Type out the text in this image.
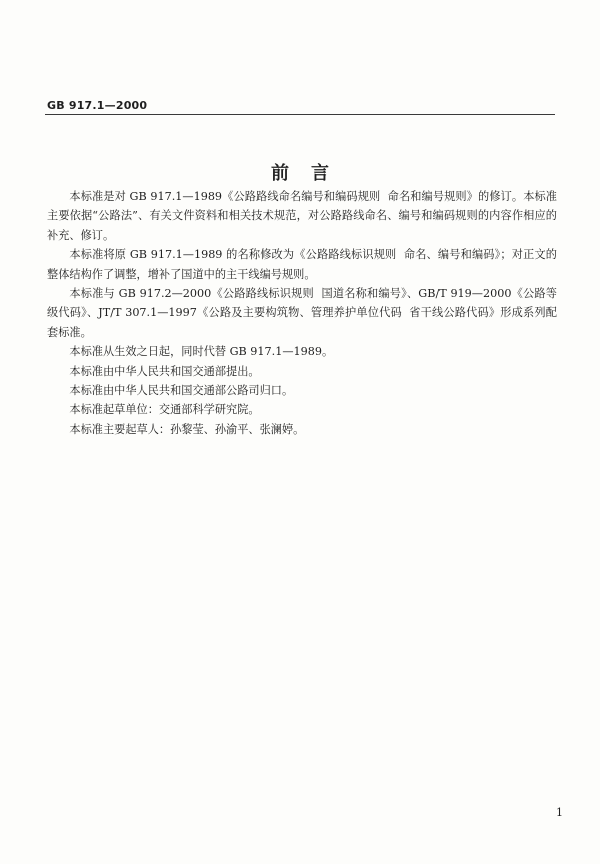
GB 917.1—2000
前言

本标准是对 GB 917.1—1989《公路路线命名编号和编码规则  命名和编号规则》的修订。本标准主要依据“公路法”、有关文件资料和相关技术规范，对公路路线命名、编号和编码规则的内容作相应的补充、修订。

本标准将原 GB 917.1—1989 的名称修改为《公路路线标识规则  命名、编号和编码》；对正文的整体结构作了调整，增补了国道中的主干线编号规则。

本标准与 GB 917.2—2000《公路路线标识规则  国道名称和编号》、GB/T 919—2000《公路等级代码》、JT/T 307.1—1997《公路及主要构筑物、管理养护单位代码  省干线公路代码》形成系列配套标准。

本标准从生效之日起，同时代替 GB 917.1—1989。

本标准由中华人民共和国交通部提出。

本标准由中华人民共和国交通部公路司归口。

本标准起草单位：交通部科学研究院。

本标准主要起草人：孙黎莹、孙渝平、张澜婷。

1
